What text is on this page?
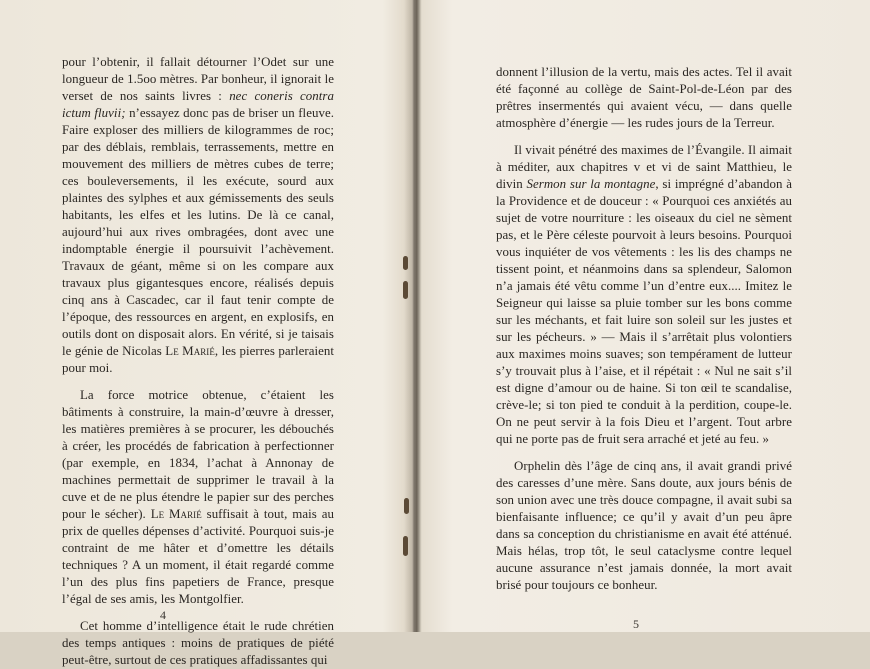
pour l’obtenir, il fallait détourner l’Odet sur une longueur de 1.5oo mètres. Par bonheur, il ignorait le verset de nos saints livres : nec coneris contra ictum fluvii; n’essayez donc pas de briser un fleuve. Faire exploser des milliers de kilogrammes de roc; par des déblais, remblais, terrassements, mettre en mouvement des milliers de mètres cubes de terre; ces bouleversements, il les exécute, sourd aux plaintes des sylphes et aux gémissements des seuls habitants, les elfes et les lutins. De là ce canal, aujourd’hui aux rives ombragées, dont avec une indomptable énergie il poursuivit l’achèvement. Travaux de géant, même si on les compare aux travaux plus gigantesques encore, réalisés depuis cinq ans à Cascadec, car il faut tenir compte de l’époque, des ressources en argent, en explosifs, en outils dont on disposait alors. En vérité, si je taisais le génie de Nicolas Le Marié, les pierres parleraient pour moi.

La force motrice obtenue, c’étaient les bâtiments à construire, la main-d’œuvre à dresser, les matières premières à se procurer, les débouchés à créer, les procédés de fabrication à perfectionner (par exemple, en 1834, l’achat à Annonay de machines permettait de supprimer le travail à la cuve et de ne plus étendre le papier sur des perches pour le sécher). Le Marié suffisait à tout, mais au prix de quelles dépenses d’activité. Pourquoi suis-je contraint de me hâter et d’omettre les détails techniques ? A un moment, il était regardé comme l’un des plus fins papetiers de France, presque l’égal de ses amis, les Montgolfier.

Cet homme d’intelligence était le rude chrétien des temps antiques : moins de pratiques de piété peut-être, surtout de ces pratiques affadissantes qui

4

donnent l’illusion de la vertu, mais des actes. Tel il avait été façonné au collège de Saint-Pol-de-Léon par des prêtres insermentés qui avaient vécu, — dans quelle atmosphère d’énergie — les rudes jours de la Terreur.

Il vivait pénétré des maximes de l’Évangile. Il aimait à méditer, aux chapitres v et vi de saint Matthieu, le divin Sermon sur la montagne, si imprégné d’abandon à la Providence et de douceur : « Pourquoi ces anxiétés au sujet de votre nourriture : les oiseaux du ciel ne sèment pas, et le Père céleste pourvoit à leurs besoins. Pourquoi vous inquiéter de vos vêtements : les lis des champs ne tissent point, et néanmoins dans sa splendeur, Salomon n’a jamais été vêtu comme l’un d’entre eux.... Imitez le Seigneur qui laisse sa pluie tomber sur les bons comme sur les méchants, et fait luire son soleil sur les justes et sur les pécheurs. » — Mais il s’arrêtait plus volontiers aux maximes moins suaves; son tempérament de lutteur s’y trouvait plus à l’aise, et il répétait : « Nul ne sait s’il est digne d’amour ou de haine. Si ton œil te scandalise, crève-le; si ton pied te conduit à la perdition, coupe-le. On ne peut servir à la fois Dieu et l’argent. Tout arbre qui ne porte pas de fruit sera arraché et jeté au feu. »

Orphelin dès l’âge de cinq ans, il avait grandi privé des caresses d’une mère. Sans doute, aux jours bénis de son union avec une très douce compagne, il avait subi sa bienfaisante influence; ce qu’il y avait d’un peu âpre dans sa conception du christianisme en avait été atténué. Mais hélas, trop tôt, le seul cataclysme contre lequel aucune assurance n’est jamais donnée, la mort avait brisé pour toujours ce bonheur.

5
